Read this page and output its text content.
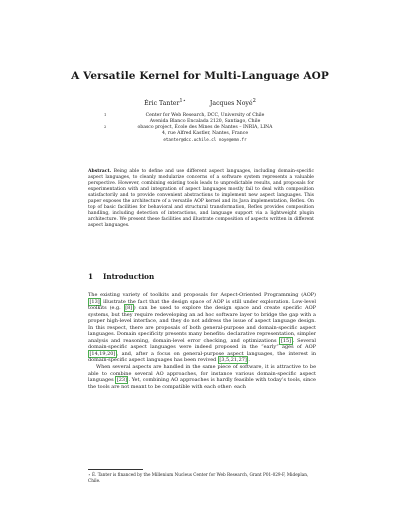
A Versatile Kernel for Multi-Language AOP
Éric Tanter$^{1⋆}$	Jacques Noyé$^2$
1	Center for Web Research, DCC, University of Chile
Avenida Blanco Encalada 2120, Santiago, Chile
2	obasco project, École des Mines de Nantes – INRIA, LINA
4, rue Alfred Kastler, Nantes, France
etanter@dcc.uchile.cl noye@emn.fr
Abstract. Being able to define and use different aspect languages, including domain-specific aspect languages, to cleanly modularize concerns of a software system represents a valuable perspective. However, combining existing tools leads to unpredictable results, and proposals for experimentation with and integration of aspect languages mostly fail to deal with composition satisfactorily and to provide convenient abstractions to implement new aspect languages. This paper exposes the architecture of a versatile AOP kernel and its Java implementation, Reflex. On top of basic facilities for behavioral and structural transformation, Reflex provides composition handling, including detection of interactions, and language support via a lightweight plugin architecture. We present these facilities and illustrate composition of aspects written in different aspect languages.
1 Introduction

The existing variety of toolkits and proposals for Aspect-Oriented Programming (AOP) [13] illustrate the fact that the design space of AOP is still under exploration. Low-level toolkits (e.g. [8] ) can be used to explore the design space and create specific AOP systems, but they require redeveloping an ad hoc software layer to bridge the gap with a proper high-level interface, and they do not address the issue of aspect language design. In this respect, there are proposals of both general-purpose and domain-specific aspect languages. Domain specificity presents many benefits: declarative representation, simpler analysis and reasoning, domain-level error checking, and optimizations [15] . Several domain-specific aspect languages were indeed proposed in the “early” ages of AOP [14,19,20] , and, after a focus on general-purpose aspect languages, the interest in domain-specific aspect languages has been revived [3,5,21,27] .

When several aspects are handled in the same piece of software, it is attractive to be able to combine several AO approaches, for instance various domain-specific aspect languages [23] . Yet, combining AO approaches is hardly feasible with today’s tools, since the tools are not meant to be compatible with each other: each

⋆ É. Tanter is financed by the Millenium Nucleus Center for Web Research, Grant P01-029-F, Mideplan, Chile.
